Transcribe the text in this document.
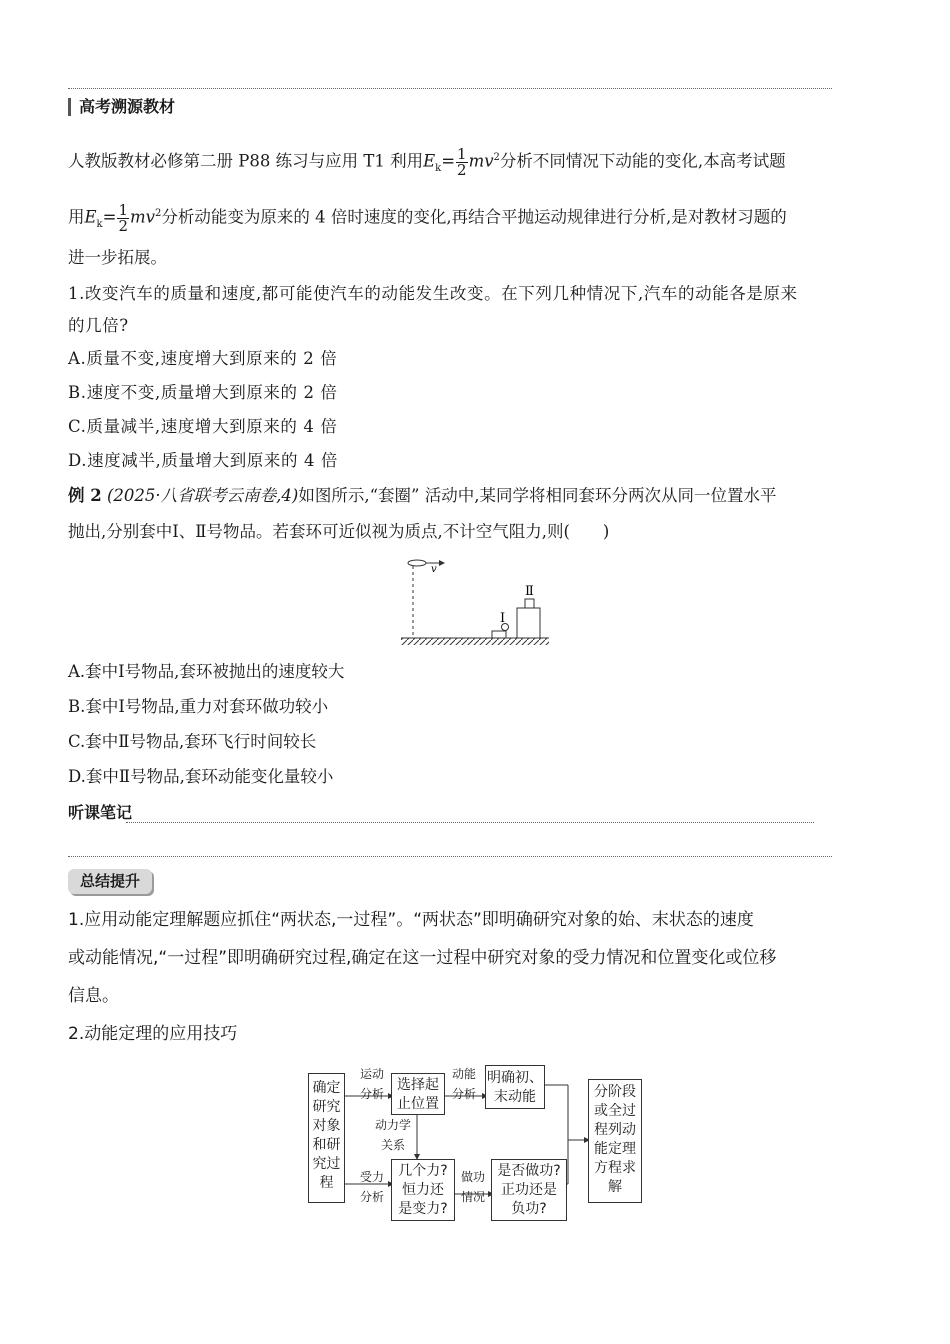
高考溯源教材
人教版教材必修第二册 P88 练习与应用 T1 利用$E_k= \frac{1}{2} mv^2$分析不同情况下动能的变化,本高考试题
用$E_k= \frac{1}{2} mv^2$分析动能变为原来的 4 倍时速度的变化,再结合平抛运动规律进行分析,是对教材习题的
进一步拓展。
1.改变汽车的质量和速度,都可能使汽车的动能发生改变。在下列几种情况下,汽车的动能各是原来
的几倍?
A.质量不变,速度增大到原来的 2 倍
B.速度不变,质量增大到原来的 2 倍
C.质量减半,速度增大到原来的 4 倍
D.速度减半,质量增大到原来的 4 倍
例 2 (2025·八省联考云南卷,4)如图所示,“套圈” 活动中,某同学将相同套环分两次从同一位置水平
抛出,分别套中Ⅰ、Ⅱ号物品。若套环可近似视为质点,不计空气阻力,则(　　)
v
Ⅰ
Ⅱ
A.套中Ⅰ号物品,套环被抛出的速度较大
B.套中Ⅰ号物品,重力对套环做功较小
C.套中Ⅱ号物品,套环飞行时间较长
D.套中Ⅱ号物品,套环动能变化量较小
听课笔记
总结提升
1.应用动能定理解题应抓住“两状态,一过程”。“两状态”即明确研究对象的始、末状态的速度
或动能情况,“一过程”即明确研究过程,确定在这一过程中研究对象的受力情况和位置变化或位移
信息。
2.动能定理的应用技巧
确定
研究
对象
和研
究过
程
选择起
止位置
明确初、
末动能
几个力?
恒力还
是变力?
是否做功?
正功还是
负功?
分阶段
或全过
程列动
能定理
方程求
解
运动
分析
动能
分析
动力学
关系
受力
分析
做功
情况
